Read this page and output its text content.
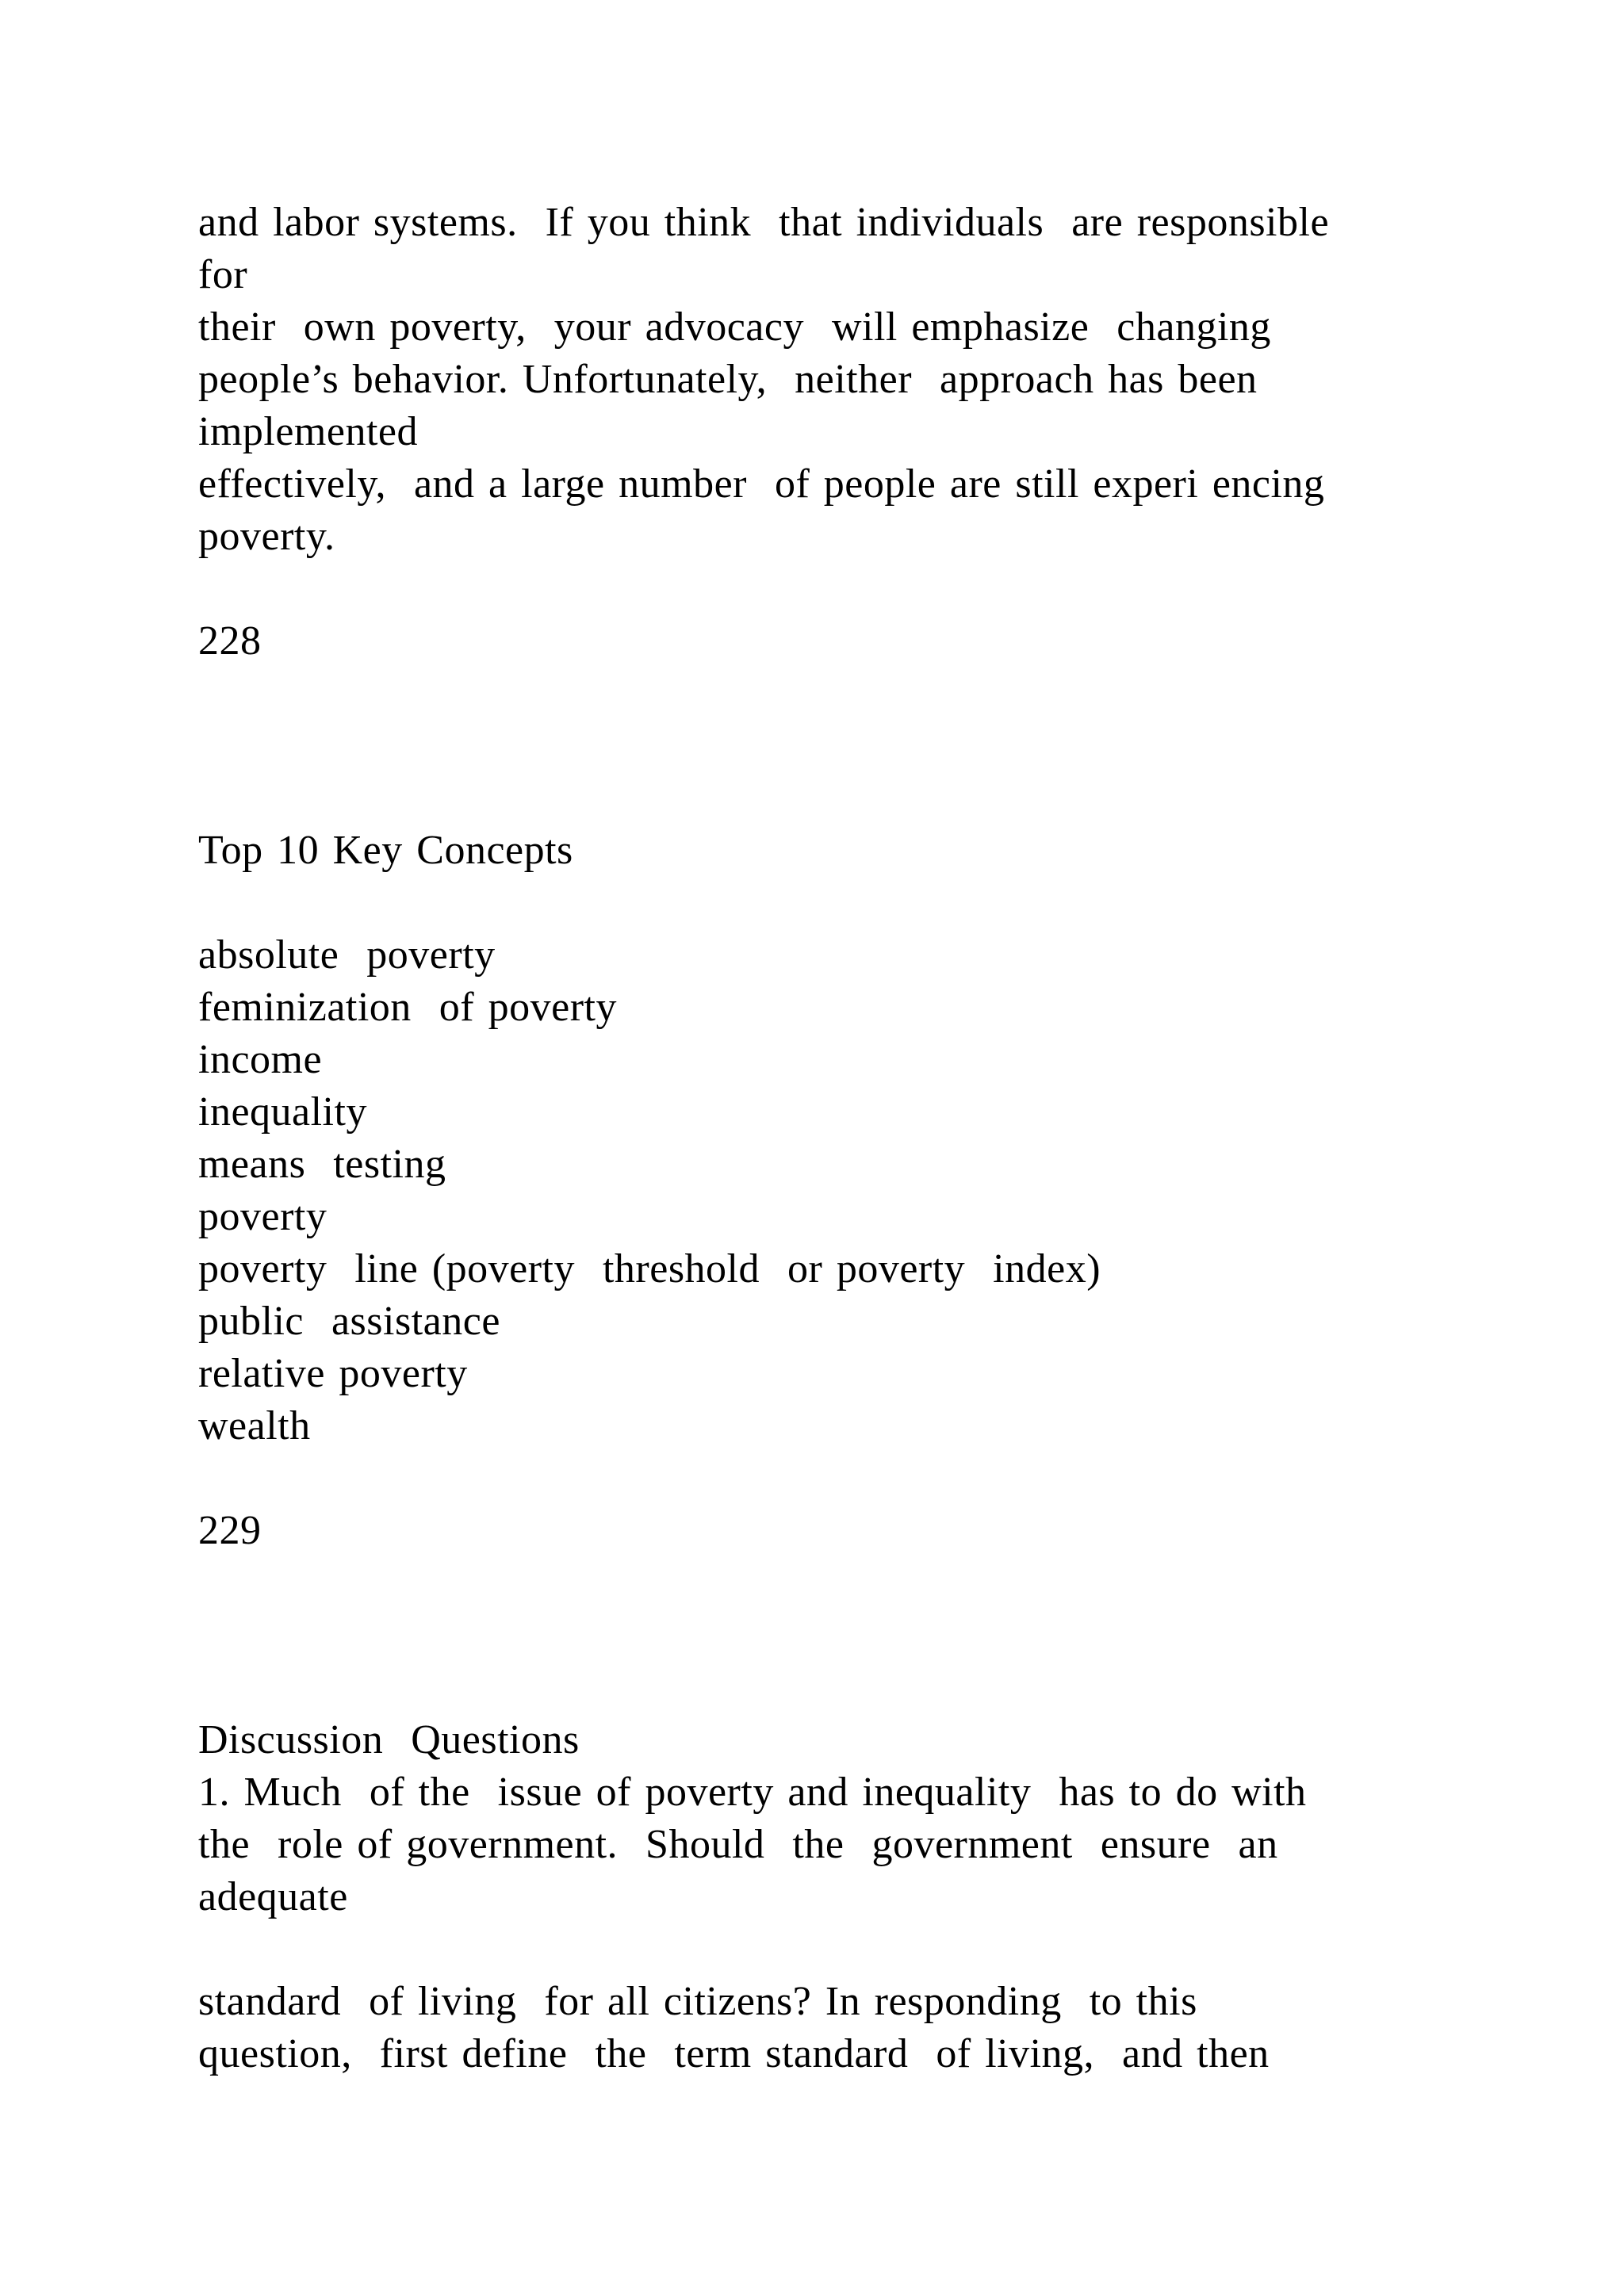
and labor systems.  If you think  that individuals  are responsible
for
their  own poverty,  your advocacy  will emphasize  changing
people’s behavior. Unfortunately,  neither  approach has been
implemented
effectively,  and a large number  of people are still experi encing
poverty.
228
Top 10 Key Concepts
absolute  poverty
feminization  of poverty
income
inequality
means  testing
poverty
poverty  line (poverty  threshold  or poverty  index)
public  assistance
relative poverty
wealth
229
Discussion  Questions
1. Much  of the  issue of poverty and inequality  has to do with
the  role of government.  Should  the  government  ensure  an
adequate
standard  of living  for all citizens? In responding  to this
question,  first define  the  term standard  of living,  and then
